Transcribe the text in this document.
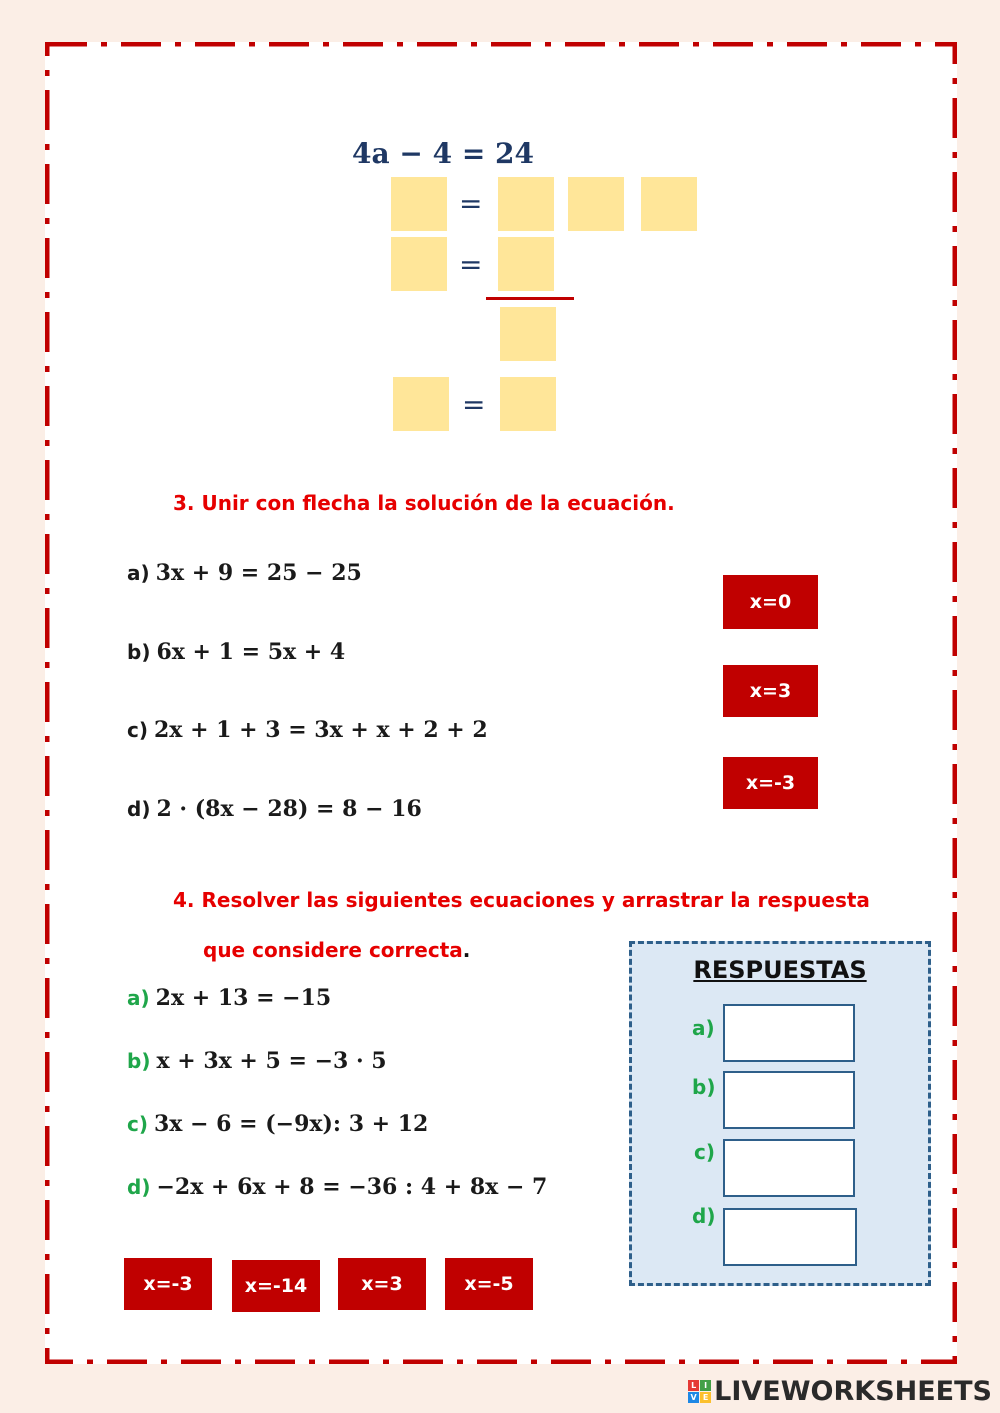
4a − 4 = 24
=
=
=
3. Unir con flecha la solución de la ecuación.
a) 3x + 9 = 25 − 25
b) 6x + 1 = 5x + 4
c) 2x + 1 + 3 = 3x + x + 2 + 2
d) 2 · (8x − 28) = 8 − 16
x=0
x=3
x=-3
4. Resolver las siguientes ecuaciones y arrastrar la respuesta
que considere correcta.
a) 2x + 13 = −15
b) x + 3x + 5 = −3 · 5
c) 3x − 6 = (−9x): 3 + 12
d) −2x + 6x + 8 = −36 : 4 + 8x − 7
x=-3	x=-14	x=3	x=-5
RESPUESTAS
a)
b)
c)
d)
L I
V E LIVEWORKSHEETS
